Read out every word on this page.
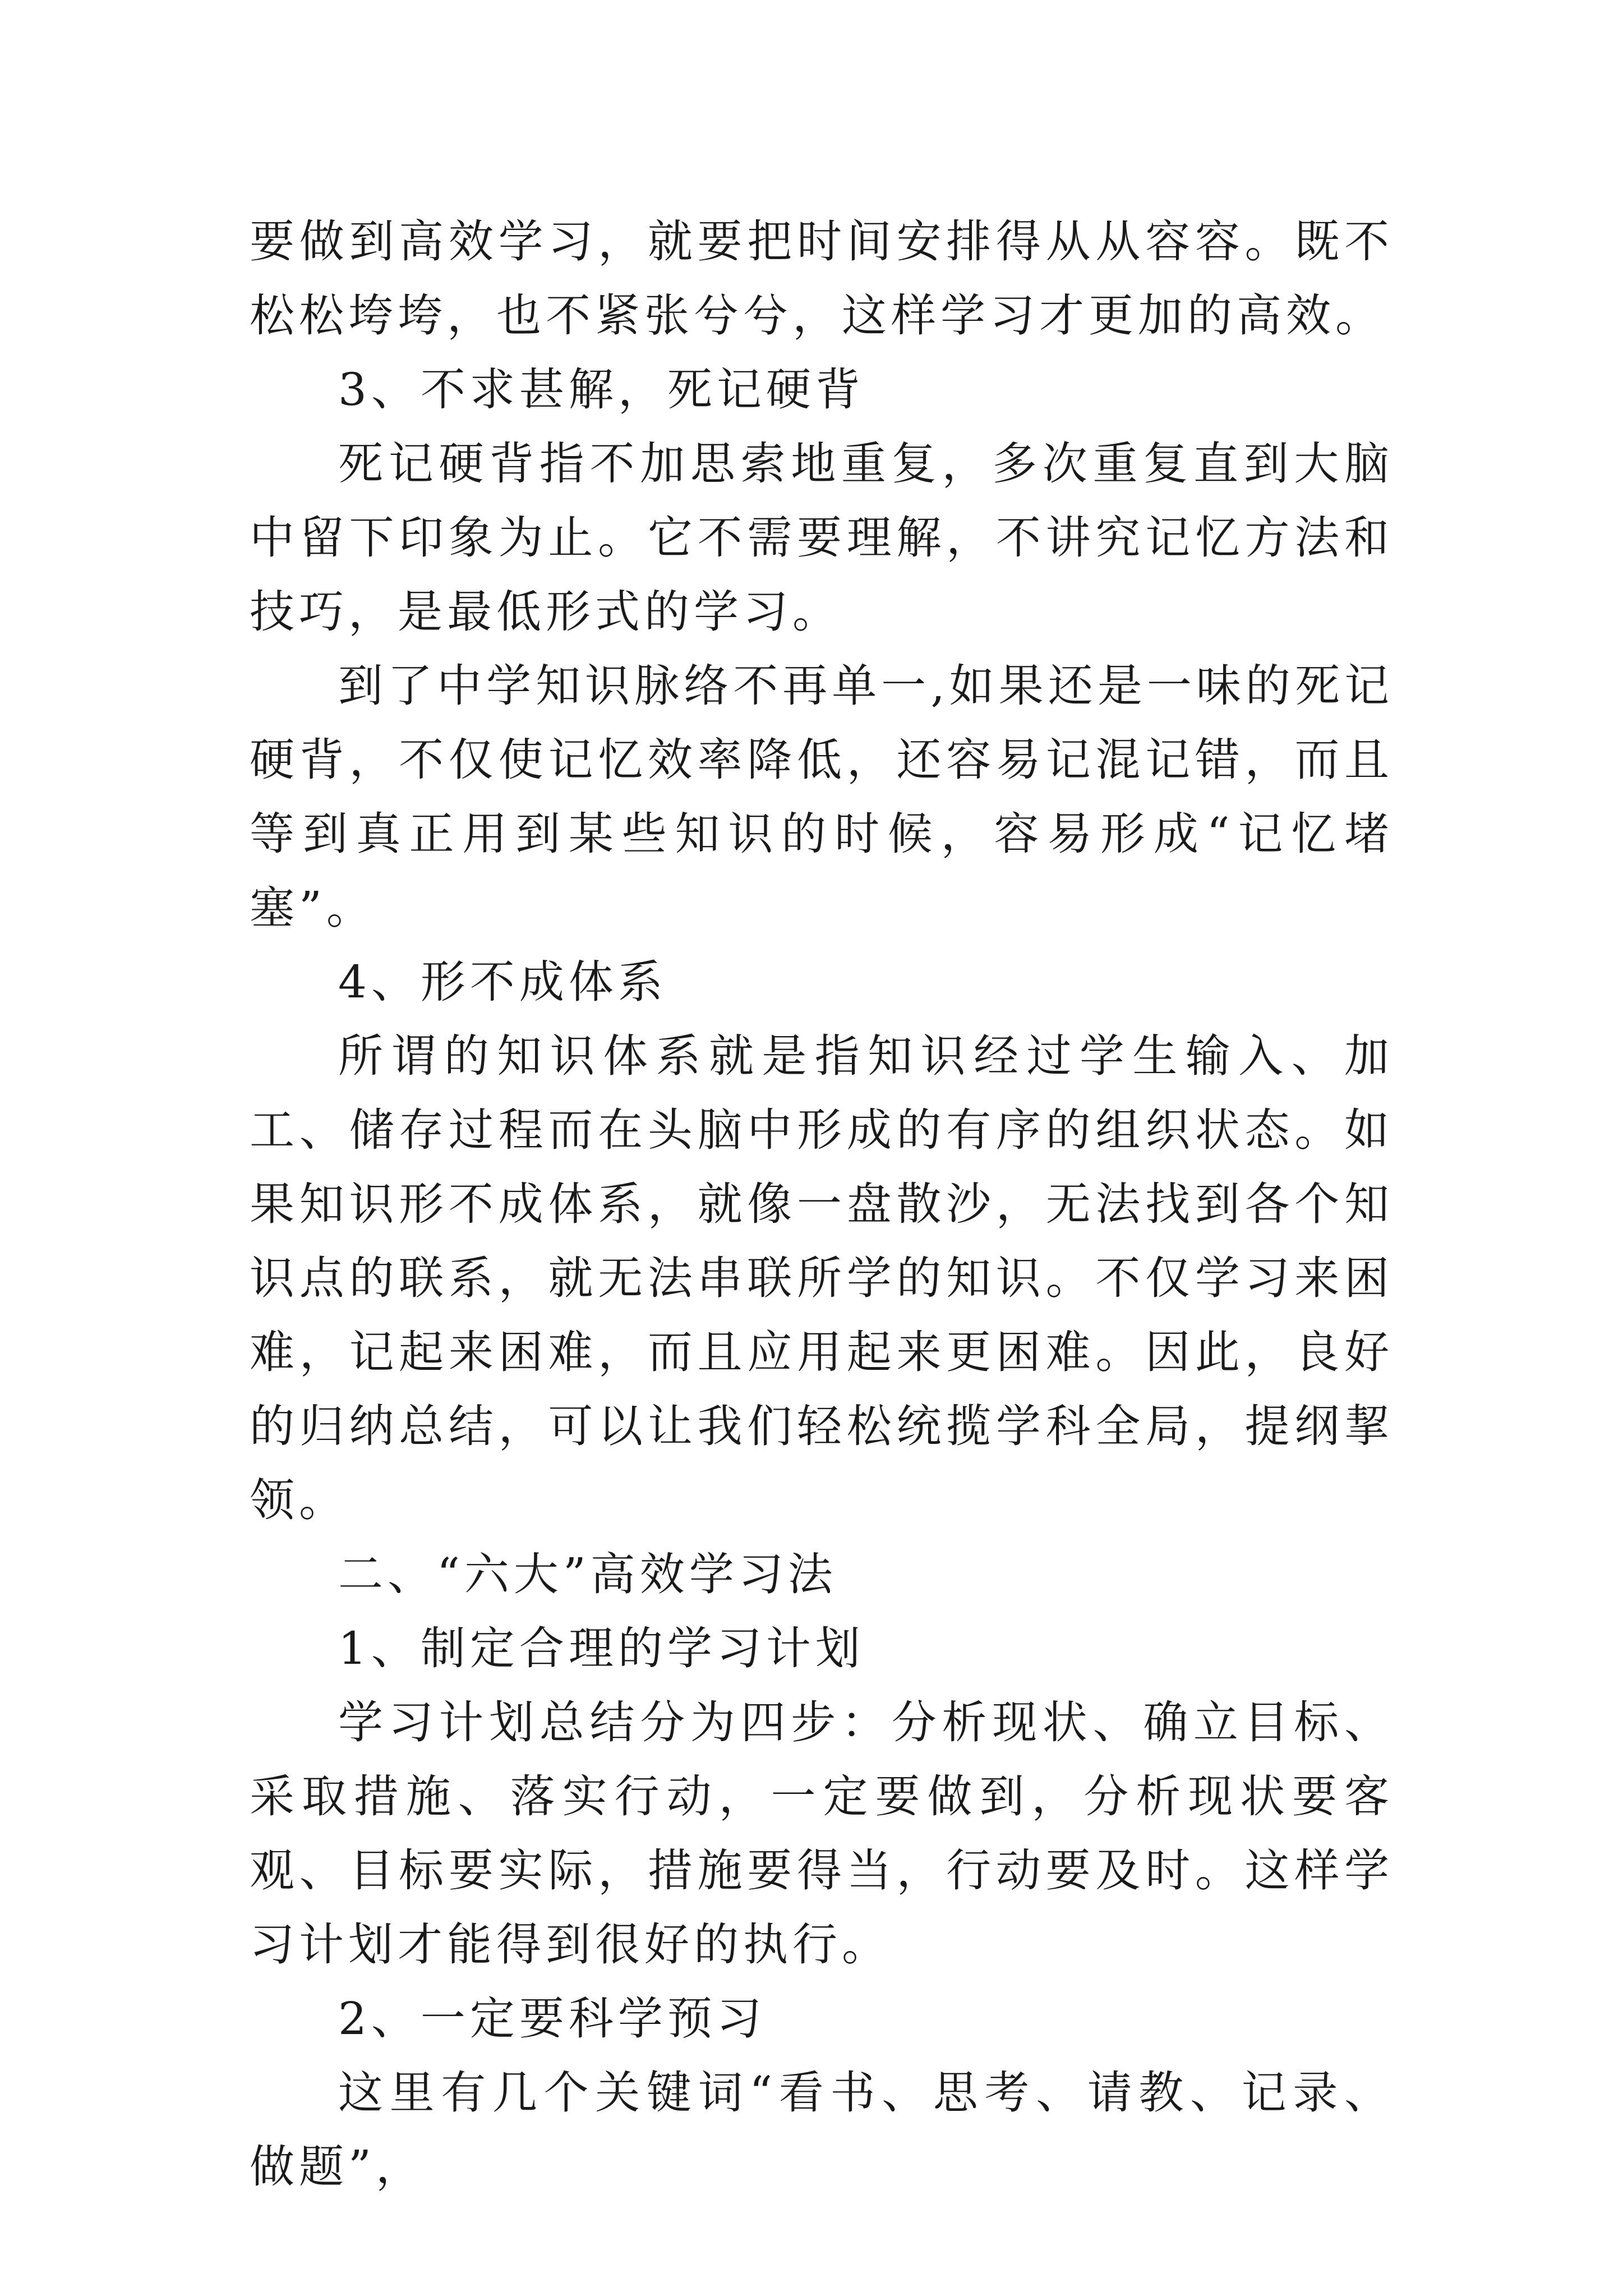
要做到高效学习，就要把时间安排得从从容容。既不松松垮垮，也不紧张兮兮，这样学习才更加的高效。

3、不求甚解，死记硬背

死记硬背指不加思索地重复，多次重复直到大脑中留下印象为止。它不需要理解，不讲究记忆方法和技巧，是最低形式的学习。

到了中学知识脉络不再单一,如果还是一味的死记硬背，不仅使记忆效率降低，还容易记混记错，而且等到真正用到某些知识的时候，容易形成“记忆堵塞”。

4、形不成体系

所谓的知识体系就是指知识经过学生输入、加工、储存过程而在头脑中形成的有序的组织状态。如果知识形不成体系，就像一盘散沙，无法找到各个知识点的联系，就无法串联所学的知识。不仅学习来困难，记起来困难，而且应用起来更困难。因此，良好的归纳总结，可以让我们轻松统揽学科全局，提纲挈领。

二、“六大”高效学习法

1、制定合理的学习计划

学习计划总结分为四步：分析现状、确立目标、采取措施、落实行动，一定要做到，分析现状要客观、目标要实际，措施要得当，行动要及时。这样学习计划才能得到很好的执行。

2、一定要科学预习

这里有几个关键词“看书、思考、请教、记录、做题”，
